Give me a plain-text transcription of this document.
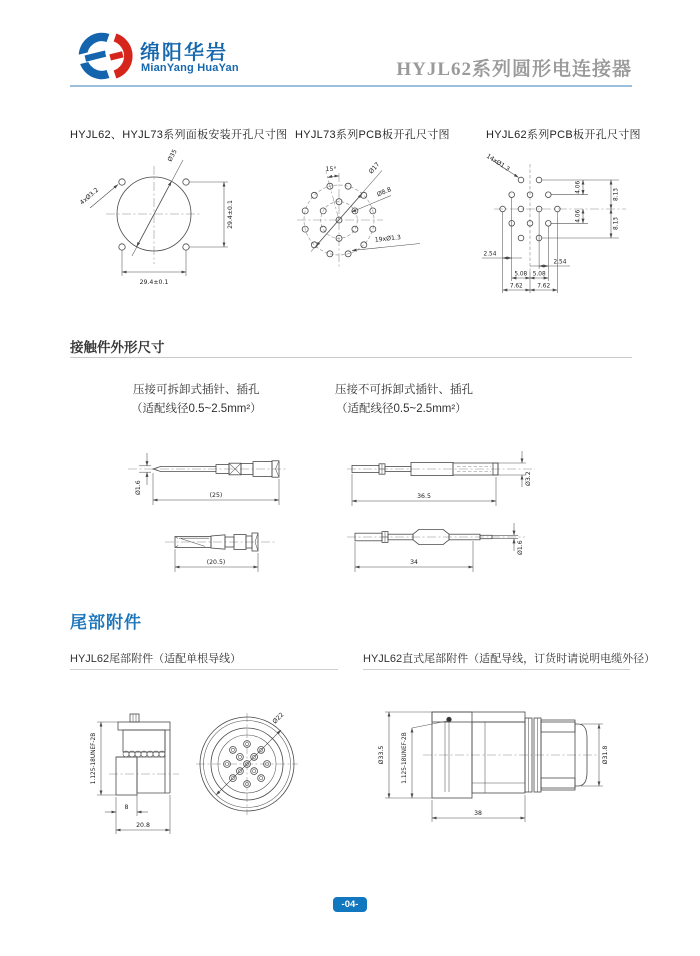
绵阳华岩
MianYang HuaYan	HYJL62系列圆形电连接器
HYJL62、HYJL73系列面板安装开孔尺寸图 HYJL73系列PCB板开孔尺寸图	HYJL62系列PCB板开孔尺寸图
29.4±0.1
29.4±0.1
Ø35
4xØ3.2
15°	Ø17
Ø8.8
19xØ1.3
14xØ1.3
4.06
4.06
8.13
8.13
2.54
2.54
5.08 5.08
7.62 7.62
接触件外形尺寸
压接可拆卸式插针、插孔
（适配线径0.5~2.5mm²）
压接不可拆卸式插针、插孔
（适配线径0.5~2.5mm²）
Ø1.6
(25)
(20.5)
Ø3.2
36.5
Ø1.6
34
尾部附件
HYJL62尾部附件（适配单根导线）	HYJL62直式尾部附件（适配导线，订货时请说明电缆外径）
1.125-18UNEF-2B
8
20.8
Ø22
1.125-18UNEF-2B
Ø33.5	Ø31.8
38
-04-
